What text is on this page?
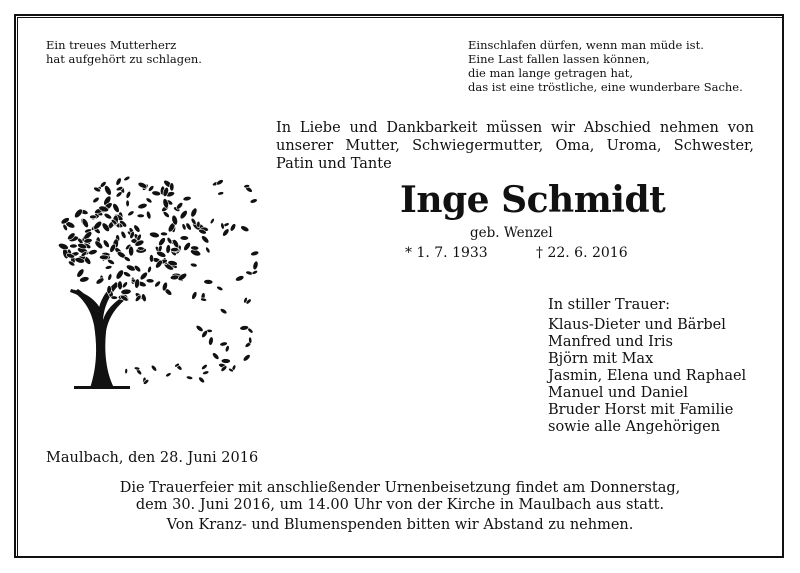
Ein treues Mutterherz
hat aufgehört zu schlagen.
Einschlafen dürfen, wenn man müde ist.
Eine Last fallen lassen können,
die man lange getragen hat,
das ist eine tröstliche, eine wunderbare Sache.
In Liebe und Dankbarkeit müssen wir Abschied nehmen von unserer Mutter, Schwiegermutter, Oma, Uroma, Schwester, Patin und Tante
Inge Schmidt
geb. Wenzel
* 1. 7. 1933	† 22. 6. 2016
In stiller Trauer:
Klaus-Dieter und Bärbel
Manfred und Iris
Björn mit Max
Jasmin, Elena und Raphael
Manuel und Daniel
Bruder Horst mit Familie
sowie alle Angehörigen
Maulbach, den 28. Juni 2016
Die Trauerfeier mit anschließender Urnenbeisetzung findet am Donnerstag,
dem 30. Juni 2016, um 14.00 Uhr von der Kirche in Maulbach aus statt.
Von Kranz- und Blumenspenden bitten wir Abstand zu nehmen.
